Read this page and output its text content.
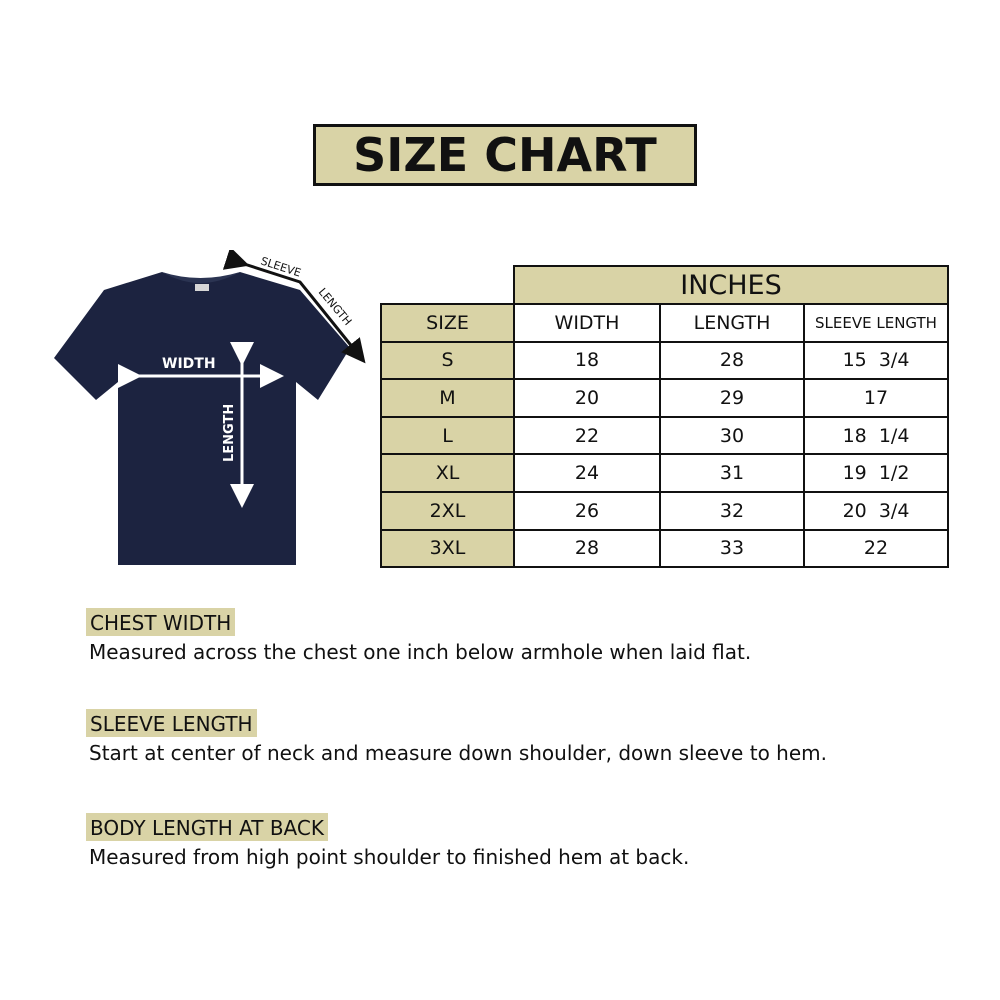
SIZE CHART
WIDTH
LENGTH
SLEEVE
LENGTH
	INCHES		
SIZE	WIDTH	LENGTH	SLEEVE LENGTH
S	18	28	15  3/4
M	20	29	17
L	22	30	18  1/4
XL	24	31	19  1/2
2XL	26	32	20  3/4
3XL	28	33	22
CHEST WIDTH
Measured across the chest one inch below armhole when laid flat.
SLEEVE LENGTH
Start at center of neck and measure down shoulder, down sleeve to hem.
BODY LENGTH AT BACK
Measured from high point shoulder to finished hem at back.
